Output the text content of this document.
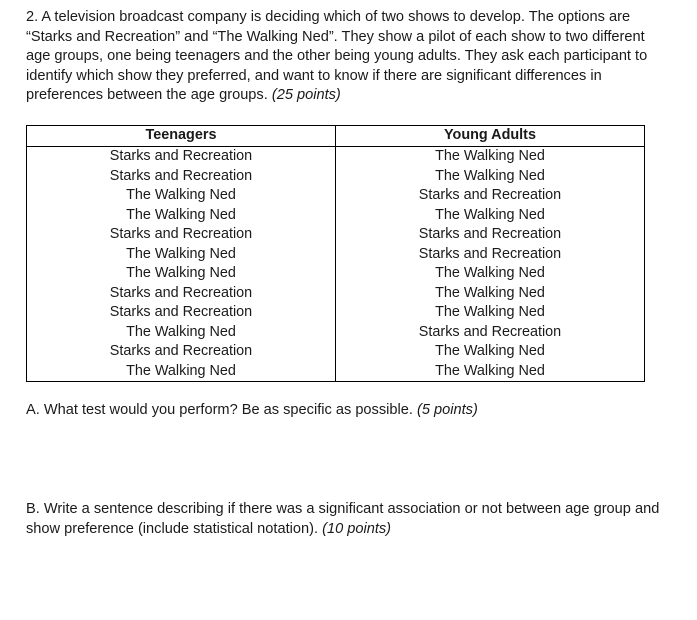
2. A television broadcast company is deciding which of two shows to develop. The options are “Starks and Recreation” and “The Walking Ned”. They show a pilot of each show to two different age groups, one being teenagers and the other being young adults. They ask each participant to identify which show they preferred, and want to know if there are significant differences in preferences between the age groups. (25 points)

Teenagers	Young Adults
Starks and Recreation	The Walking Ned
Starks and Recreation	The Walking Ned
The Walking Ned	Starks and Recreation
The Walking Ned	The Walking Ned
Starks and Recreation	Starks and Recreation
The Walking Ned	Starks and Recreation
The Walking Ned	The Walking Ned
Starks and Recreation	The Walking Ned
Starks and Recreation	The Walking Ned
The Walking Ned	Starks and Recreation
Starks and Recreation	The Walking Ned
The Walking Ned	The Walking Ned

A. What test would you perform? Be as specific as possible. (5 points)

B. Write a sentence describing if there was a significant association or not between age group and show preference (include statistical notation). (10 points)
